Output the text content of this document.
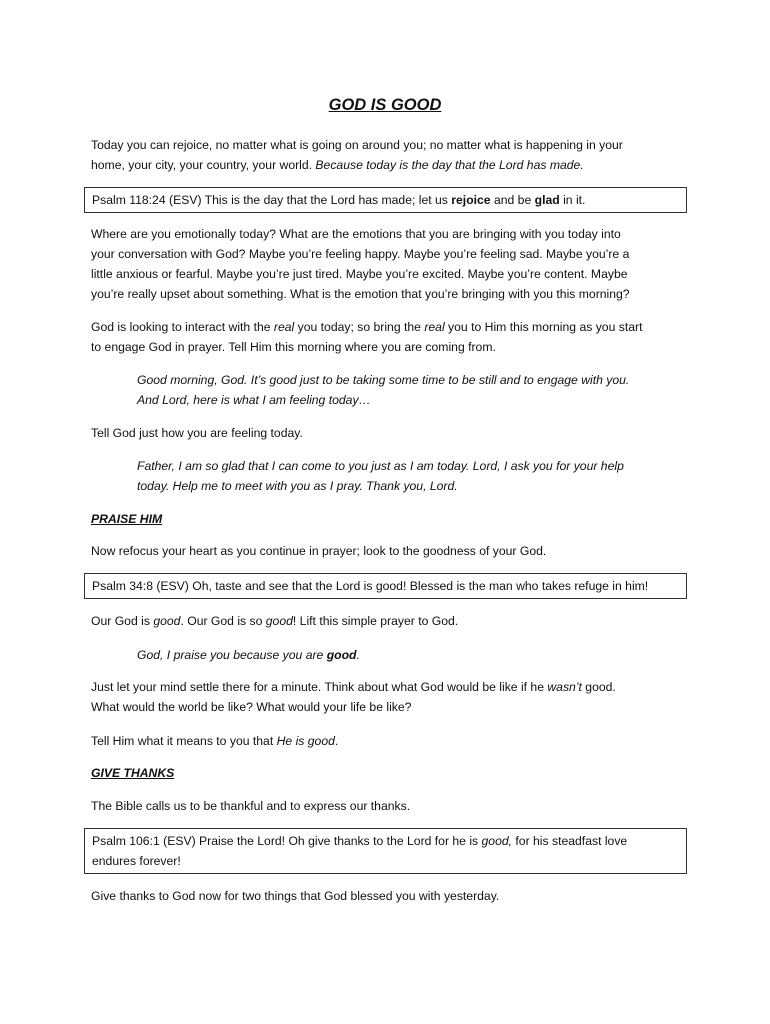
GOD IS GOOD
Today you can rejoice, no matter what is going on around you; no matter what is happening in your
home, your city, your country, your world. Because today is the day that the Lord has made.
Psalm 118:24 (ESV) This is the day that the Lord has made; let us rejoice and be glad in it.
Where are you emotionally today? What are the emotions that you are bringing with you today into
your conversation with God? Maybe you’re feeling happy. Maybe you’re feeling sad. Maybe you’re a
little anxious or fearful. Maybe you’re just tired. Maybe you’re excited. Maybe you’re content. Maybe
you’re really upset about something. What is the emotion that you’re bringing with you this morning?
God is looking to interact with the real you today; so bring the real you to Him this morning as you start
to engage God in prayer. Tell Him this morning where you are coming from.
Good morning, God. It’s good just to be taking some time to be still and to engage with you.
And Lord, here is what I am feeling today…
Tell God just how you are feeling today.
Father, I am so glad that I can come to you just as I am today. Lord, I ask you for your help
today. Help me to meet with you as I pray. Thank you, Lord.
PRAISE HIM
Now refocus your heart as you continue in prayer; look to the goodness of your God.
Psalm 34:8 (ESV) Oh, taste and see that the Lord is good! Blessed is the man who takes refuge in him!
Our God is good. Our God is so good! Lift this simple prayer to God.
God, I praise you because you are good.
Just let your mind settle there for a minute. Think about what God would be like if he wasn’t good.
What would the world be like? What would your life be like?
Tell Him what it means to you that He is good.
GIVE THANKS
The Bible calls us to be thankful and to express our thanks.
Psalm 106:1 (ESV) Praise the Lord! Oh give thanks to the Lord for he is good, for his steadfast love
endures forever!
Give thanks to God now for two things that God blessed you with yesterday.
